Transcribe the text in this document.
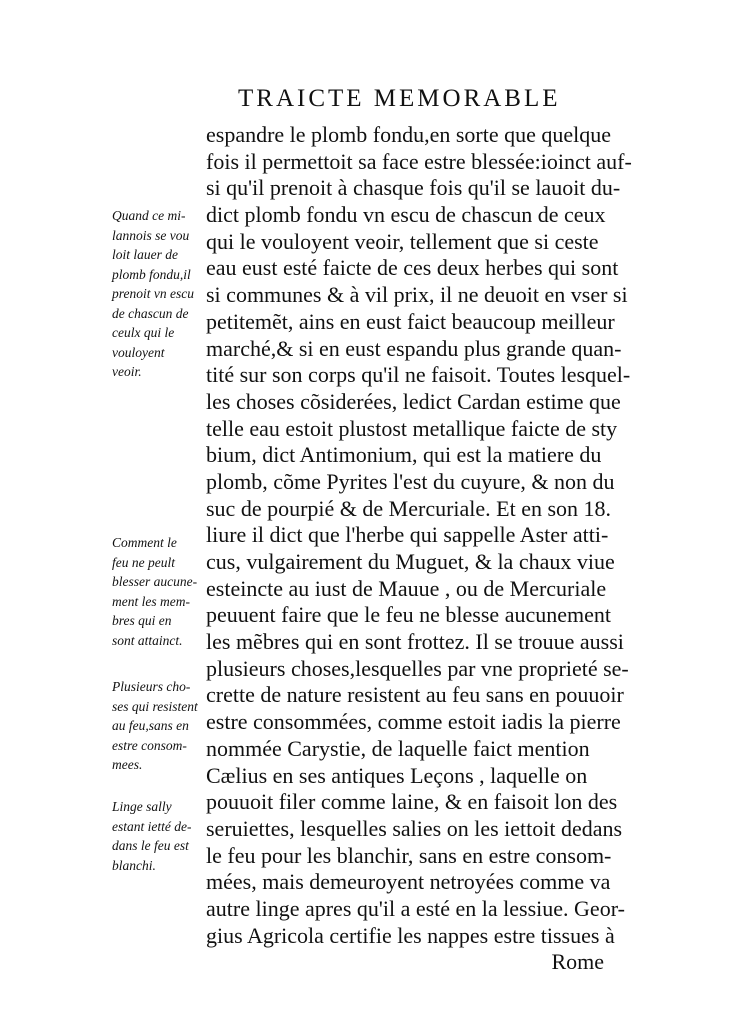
TRAICTE MEMORABLE
espandre le plomb fondu,en sorte que quelque
fois il permettoit sa face estre blessée:ioinct auf-
si qu'il prenoit à chasque fois qu'il se lauoit du-
dict plomb fondu vn escu de chascun de ceux
qui le vouloyent veoir, tellement que si ceste
eau eust esté faicte de ces deux herbes qui sont
si communes & à vil prix, il ne deuoit en vser si
petitemẽt, ains en eust faict beaucoup meilleur
marché,& si en eust espandu plus grande quan-
tité sur son corps qu'il ne faisoit. Toutes lesquel-
les choses cõsiderées, ledict Cardan estime que
telle eau estoit plustost metallique faicte de sty
bium, dict Antimonium, qui est la matiere du
plomb, cõme Pyrites l'est du cuyure, & non du
suc de pourpié & de Mercuriale. Et en son 18.
liure il dict que l'herbe qui sappelle Aster atti-
cus, vulgairement du Muguet, & la chaux viue
esteincte au iust de Mauue , ou de Mercuriale
peuuent faire que le feu ne blesse aucunement
les mẽbres qui en sont frottez. Il se trouue aussi
plusieurs choses,lesquelles par vne proprieté se-
crette de nature resistent au feu sans en pouuoir
estre consommées, comme estoit iadis la pierre
nommée Carystie, de laquelle faict mention
Cælius en ses antiques Leçons , laquelle on
pouuoit filer comme laine, & en faisoit lon des
seruiettes, lesquelles salies on les iettoit dedans
le feu pour les blanchir, sans en estre consom-
mées, mais demeuroyent netroyées comme va
autre linge apres qu'il a esté en la lessiue. Geor-
gius Agricola certifie les nappes estre tissues à
Rome
Quand ce mi-
lannois se vou
loit lauer de
plomb fondu,il
prenoit vn escu
de chascun de
ceulx qui le
vouloyent
veoir.
Comment le
feu ne peult
blesser aucune-
ment les mem-
bres qui en
sont attainct.
Plusieurs cho-
ses qui resistent
au feu,sans en
estre consom-
mees.
Linge sally
estant ietté de-
dans le feu est
blanchi.
